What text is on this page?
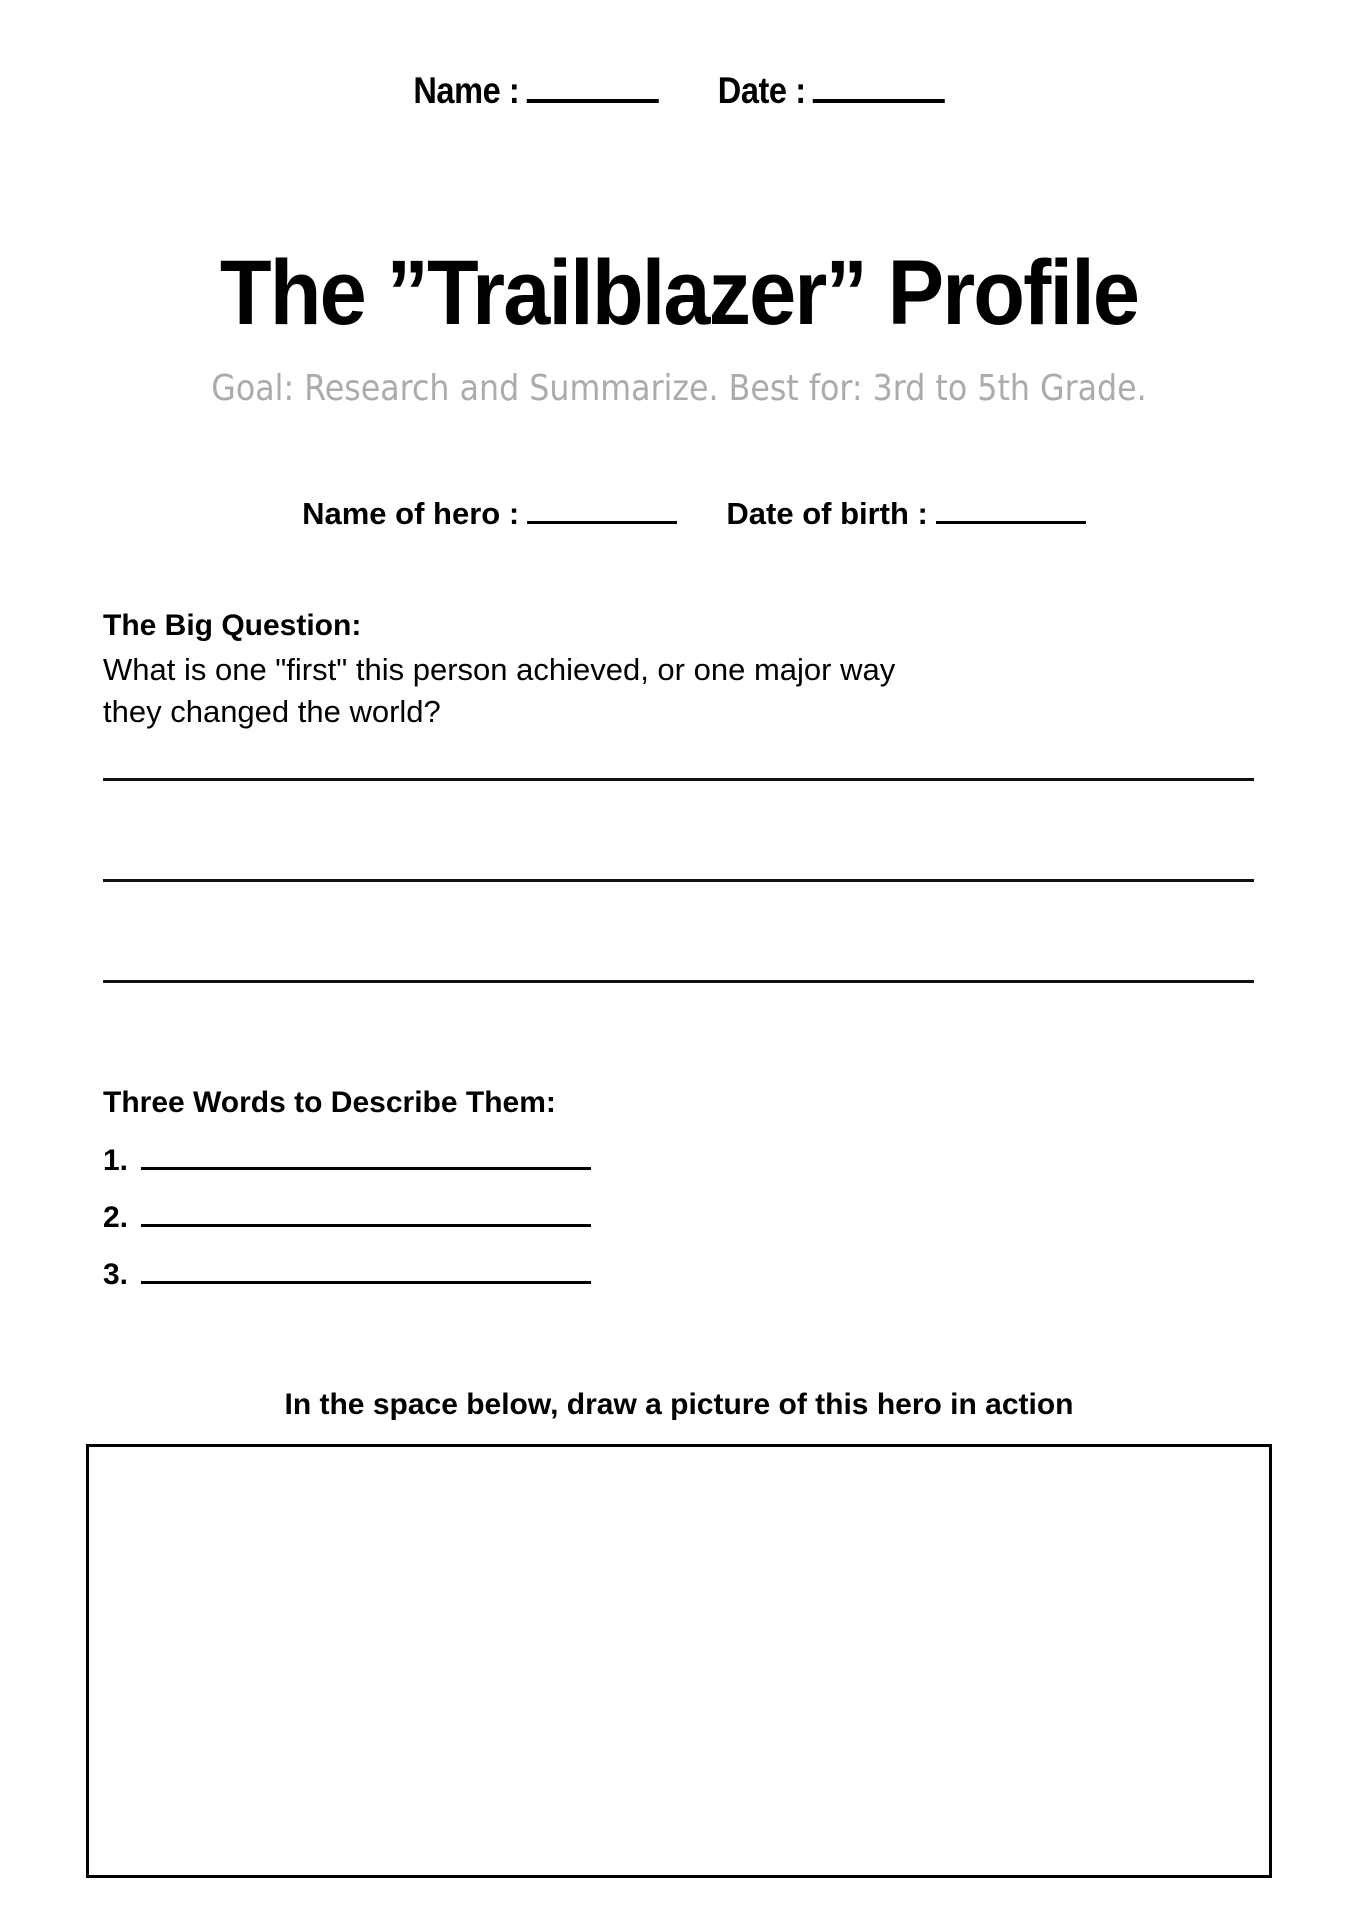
Name :	Date :
The ”Trailblazer” Profile
Goal: Research and Summarize. Best for: 3rd to 5th Grade.
Name of hero :	Date of birth :
The Big Question:
What is one "first" this person achieved, or one major way
they changed the world?
Three Words to Describe Them:
1.
2.
3.
In the space below, draw a picture of this hero in action
